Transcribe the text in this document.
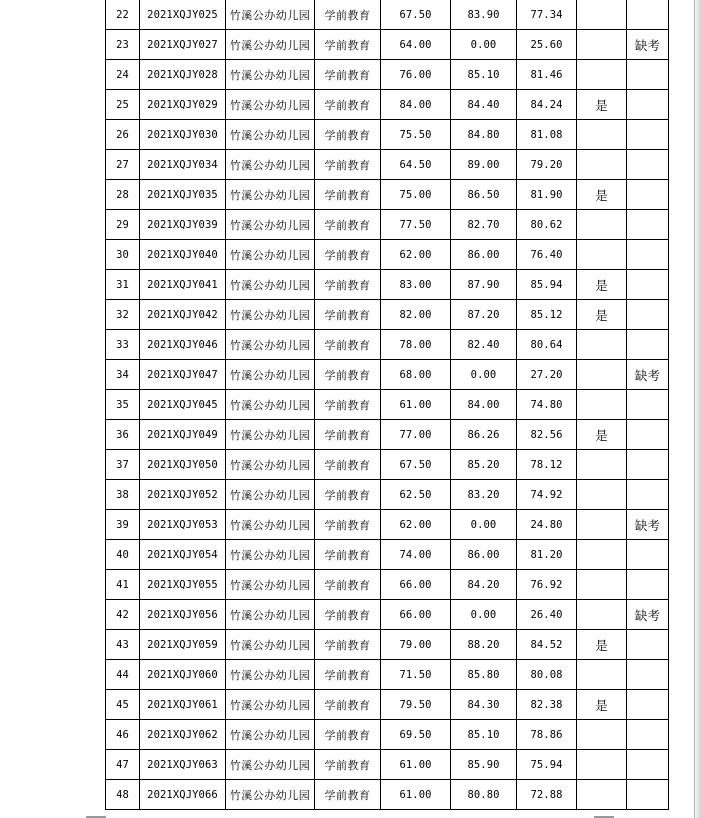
22	2021XQJY025	竹溪公办幼儿园	学前教育	67.50	83.90	77.34		
23	2021XQJY027	竹溪公办幼儿园	学前教育	64.00	0.00	25.60		缺考
24	2021XQJY028	竹溪公办幼儿园	学前教育	76.00	85.10	81.46		
25	2021XQJY029	竹溪公办幼儿园	学前教育	84.00	84.40	84.24	是	
26	2021XQJY030	竹溪公办幼儿园	学前教育	75.50	84.80	81.08		
27	2021XQJY034	竹溪公办幼儿园	学前教育	64.50	89.00	79.20		
28	2021XQJY035	竹溪公办幼儿园	学前教育	75.00	86.50	81.90	是	
29	2021XQJY039	竹溪公办幼儿园	学前教育	77.50	82.70	80.62		
30	2021XQJY040	竹溪公办幼儿园	学前教育	62.00	86.00	76.40		
31	2021XQJY041	竹溪公办幼儿园	学前教育	83.00	87.90	85.94	是	
32	2021XQJY042	竹溪公办幼儿园	学前教育	82.00	87.20	85.12	是	
33	2021XQJY046	竹溪公办幼儿园	学前教育	78.00	82.40	80.64		
34	2021XQJY047	竹溪公办幼儿园	学前教育	68.00	0.00	27.20		缺考
35	2021XQJY045	竹溪公办幼儿园	学前教育	61.00	84.00	74.80		
36	2021XQJY049	竹溪公办幼儿园	学前教育	77.00	86.26	82.56	是	
37	2021XQJY050	竹溪公办幼儿园	学前教育	67.50	85.20	78.12		
38	2021XQJY052	竹溪公办幼儿园	学前教育	62.50	83.20	74.92		
39	2021XQJY053	竹溪公办幼儿园	学前教育	62.00	0.00	24.80		缺考
40	2021XQJY054	竹溪公办幼儿园	学前教育	74.00	86.00	81.20		
41	2021XQJY055	竹溪公办幼儿园	学前教育	66.00	84.20	76.92		
42	2021XQJY056	竹溪公办幼儿园	学前教育	66.00	0.00	26.40		缺考
43	2021XQJY059	竹溪公办幼儿园	学前教育	79.00	88.20	84.52	是	
44	2021XQJY060	竹溪公办幼儿园	学前教育	71.50	85.80	80.08		
45	2021XQJY061	竹溪公办幼儿园	学前教育	79.50	84.30	82.38	是	
46	2021XQJY062	竹溪公办幼儿园	学前教育	69.50	85.10	78.86		
47	2021XQJY063	竹溪公办幼儿园	学前教育	61.00	85.90	75.94		
48	2021XQJY066	竹溪公办幼儿园	学前教育	61.00	80.80	72.88		
